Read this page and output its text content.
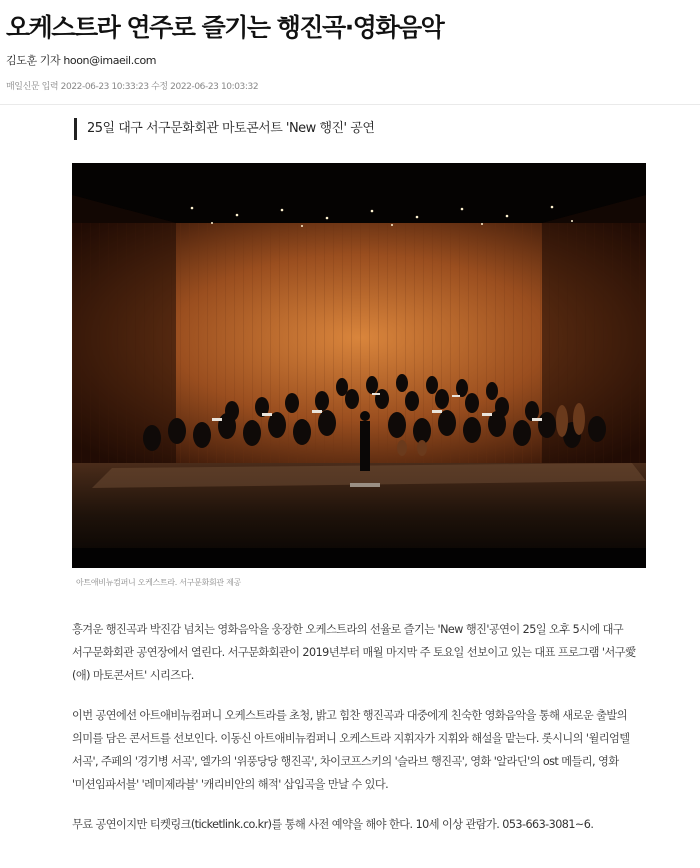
오케스트라 연주로 즐기는 행진곡·영화음악
김도훈 기자 hoon@imaeil.com
매일신문 입력 2022-06-23 10:33:23 수정 2022-06-23 10:03:32
25일 대구 서구문화회관 마토콘서트 'New 행진' 공연
아트애비뉴컴퍼니 오케스트라. 서구문화회관 제공

흥겨운 행진곡과 박진감 넘치는 영화음악을 웅장한 오케스트라의 선율로 즐기는 'New 행진'공연이 25일 오후 5시에 대구 서구문화회관 공연장에서 열린다. 서구문화회관이 2019년부터 매월 마지막 주 토요일 선보이고 있는 대표 프로그램 '서구愛(애) 마토콘서트' 시리즈다.

이번 공연에선 아트애비뉴컴퍼니 오케스트라를 초청, 밝고 힘찬 행진곡과 대중에게 친숙한 영화음악을 통해 새로운 출발의 의미를 담은 콘서트를 선보인다. 이동신 아트애비뉴컴퍼니 오케스트라 지휘자가 지휘와 해설을 맡는다. 롯시니의 '윌리엄텔 서곡', 주페의 '경기병 서곡', 엘가의 '위풍당당 행진곡', 차이코프스키의 '슬라브 행진곡', 영화 '알라딘'의 ost 메들리, 영화 '미션임파서블' '레미제라블' '캐리비안의 해적' 삽입곡을 만날 수 있다.

무료 공연이지만 티켓링크(ticketlink.co.kr)를 통해 사전 예약을 해야 한다. 10세 이상 관람가. 053-663-3081~6.
